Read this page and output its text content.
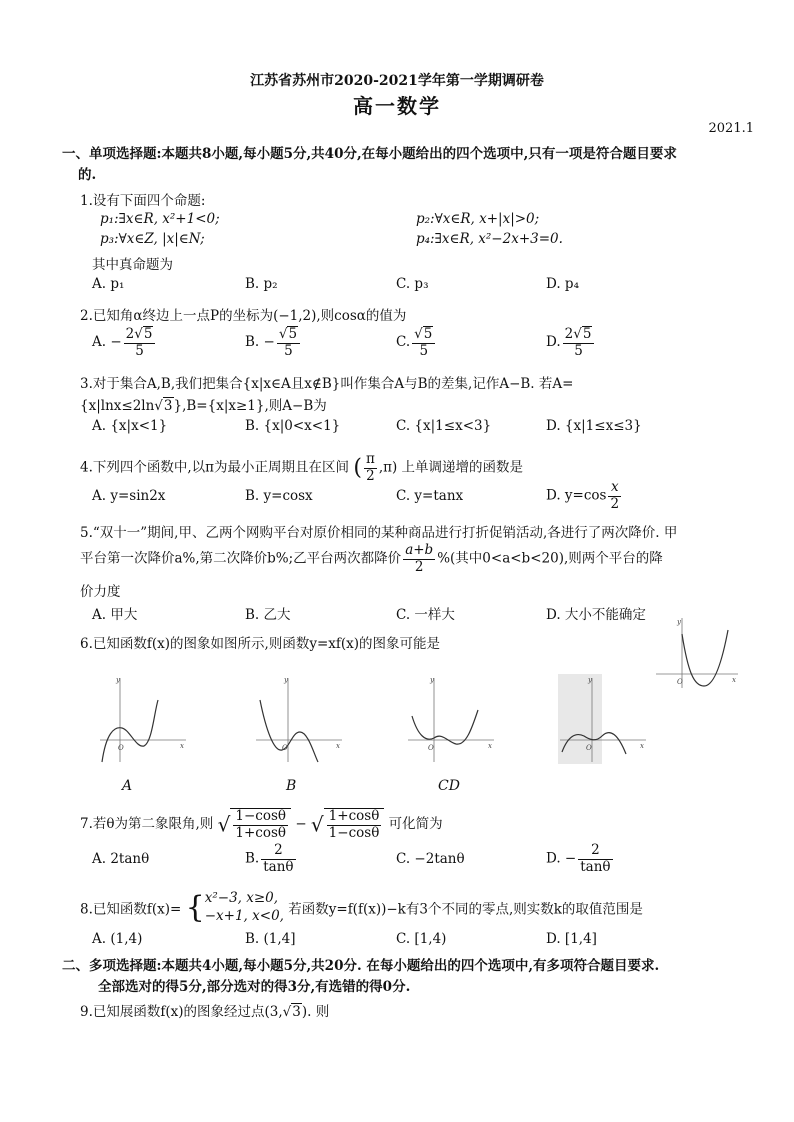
江苏省苏州市2020-2021学年第一学期调研卷
高一数学
2021.1
一、单项选择题:本题共8小题,每小题5分,共40分,在每小题给出的四个选项中,只有一项是符合题目要求
的.
1.设有下面四个命题:
p₁:∃x∈R, x²+1<0;	p₂:∀x∈R, x+|x|>0;
p₃:∀x∈Z, |x|∈N;	p₄:∃x∈R, x²−2x+3=0.
其中真命题为
A. p₁	B. p₂	C. p₃	D. p₄
2.已知角α终边上一点P的坐标为(−1,2),则cosα的值为
A. − $\frac{2√5}{5}$	B. − $\frac{√5}{5}$	C. $\frac{√5}{5}$	D. $\frac{2√5}{5}$
3.对于集合A,B,我们把集合{x|x∈A且x∉B}叫作集合A与B的差集,记作A−B. 若A=
{x|lnx≤2ln√3},B={x|x≥1},则A−B为
A. {x|x<1}	B. {x|0<x<1}	C. {x|1≤x<3}	D. {x|1≤x≤3}
4.下列四个函数中,以π为最小正周期且在区间 ( $\frac{\pi}{2} ,\pi$) 上单调递增的函数是
A. y=sin2x	B. y=cosx	C. y=tanx	D. $y=\cos \frac{x}{2}$
5.“双十一”期间,甲、乙两个网购平台对原价相同的某种商品进行打折促销活动,各进行了两次降价. 甲
平台第一次降价a%,第二次降价b%;乙平台两次都降价 $\frac{a+b}{2}$ %(其中0<a<b<20),则两个平台的降
价力度
A. 甲大	B. 乙大	C. 一样大	D. 大小不能确定
6.已知函数f(x)的图象如图所示,则函数y=xf(x)的图象可能是
O	x
y
O	x
y
A
O	x
y
B
O	x
y
CD
O	x
y
7.若θ为第二象限角,则 √ $\frac{1-\cos\theta}{1+\cos\theta}$ − √ $\frac{1+\cos\theta}{1-\cos\theta}$ 可化简为
A. 2tanθ	B. $\frac{2}{\tan\theta}$	C. −2tanθ	D. − $\frac{2}{\tan\theta}$
8.已知函数f(x)= { x²−3, x≥0,
−x+1, x<0, 若函数y=f(f(x))−k有3个不同的零点,则实数k的取值范围是
A. (1,4)	B. (1,4]	C. [1,4)	D. [1,4]
二、多项选择题:本题共4小题,每小题5分,共20分. 在每小题给出的四个选项中,有多项符合题目要求.
全部选对的得5分,部分选对的得3分,有选错的得0分.
9.已知展函数f(x)的图象经过点(3,√3). 则
